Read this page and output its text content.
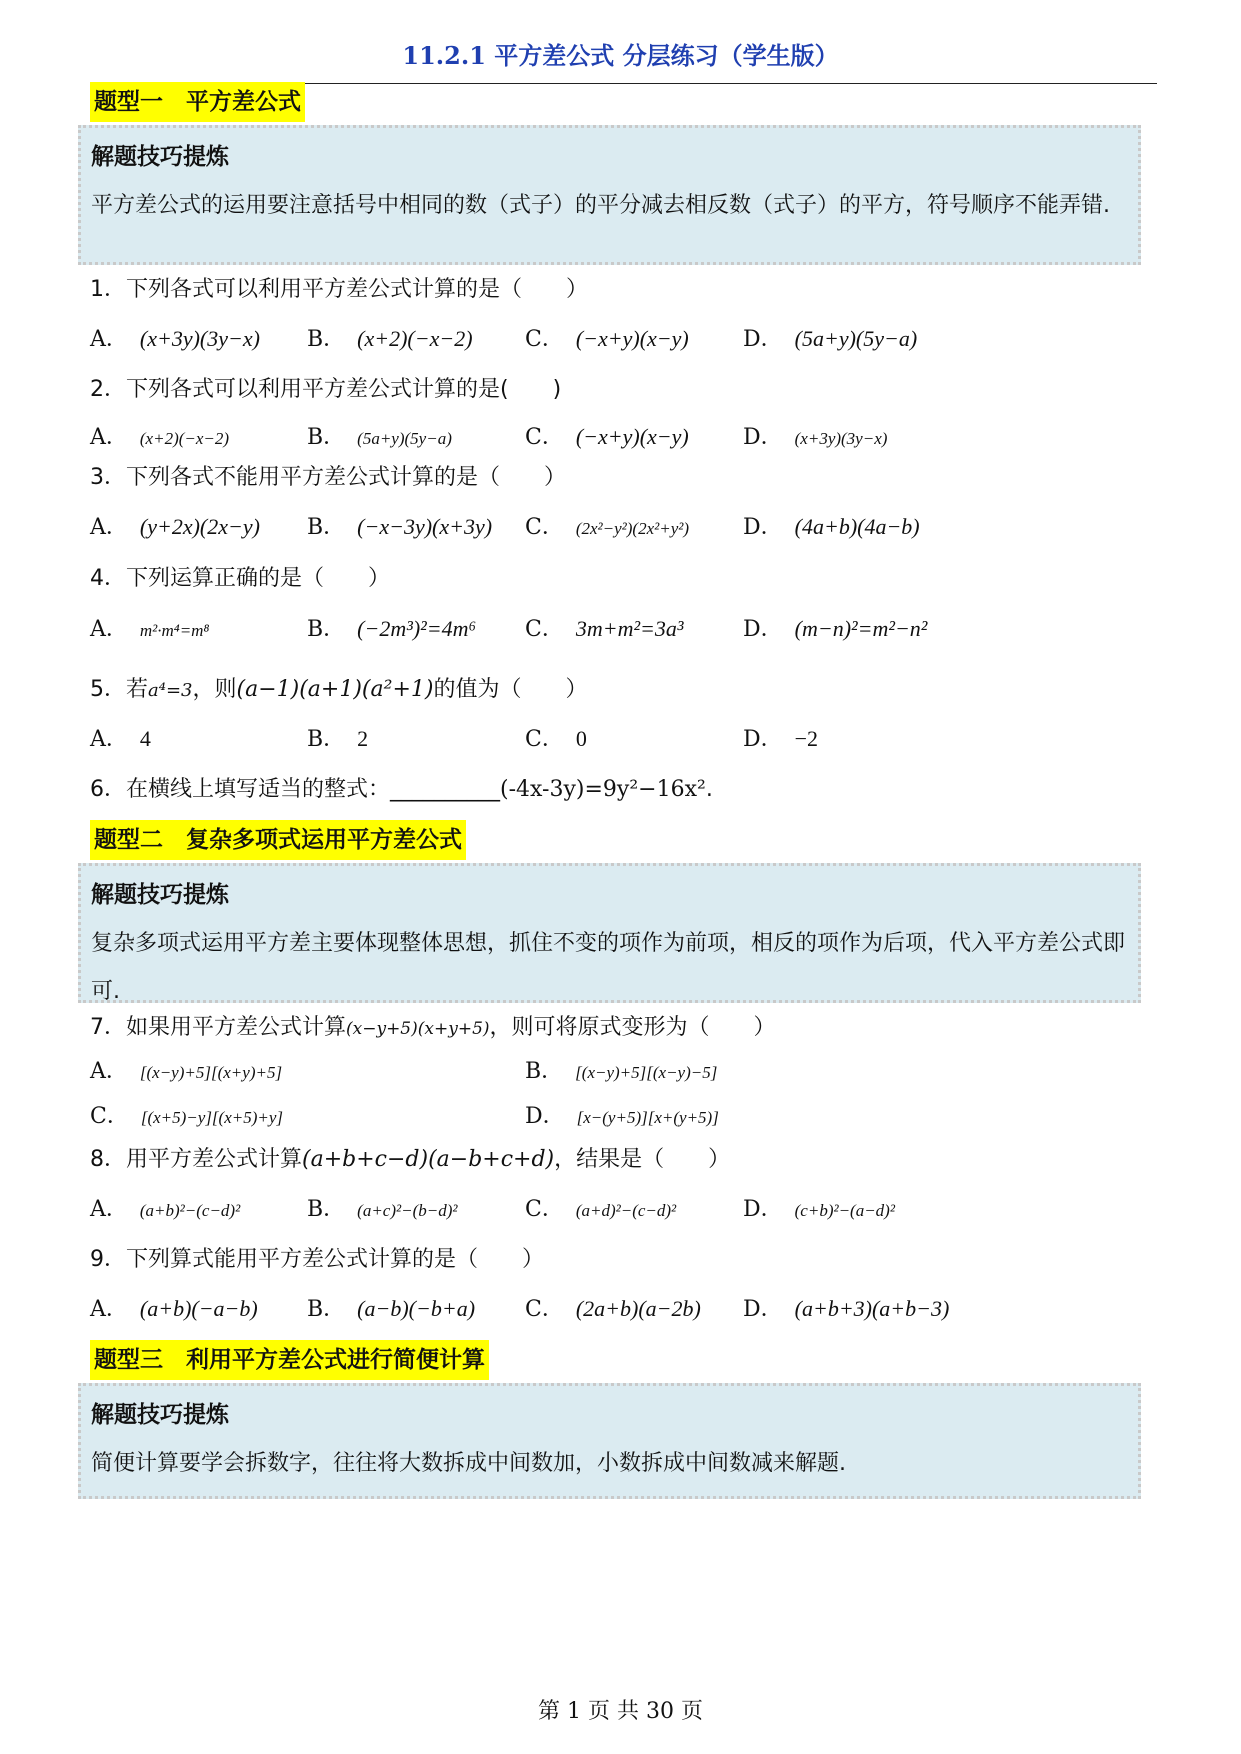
11.2.1 平方差公式 分层练习（学生版）
题型一　平方差公式
解题技巧提炼
平方差公式的运用要注意括号中相同的数（式子）的平分减去相反数（式子）的平方，符号顺序不能弄错.
1．下列各式可以利用平方差公式计算的是（　　）
A． (x+3y)(3y−x) B． (x+2)(−x−2) C． (−x+y)(x−y) D． (5a+y)(5y−a)
2．下列各式可以利用平方差公式计算的是(　　)
A． (x+2)(−x−2)	B． (5a+y)(5y−a)	C． (−x+y)(x−y) D． (x+3y)(3y−x)
3．下列各式不能用平方差公式计算的是（　　）
A． (y+2x)(2x−y) B． (−x−3y)(x+3y) C． (2x²−y²)(2x²+y²) D． (4a+b)(4a−b)
4．下列运算正确的是（　　）
A． m²·m⁴=m⁸	B． (−2m³)²=4m⁶ C． 3m+m²=3a³	D． (m−n)²=m²−n²
5．若a⁴=3，则(a−1)(a+1)(a²+1)的值为（　　）
A． 4	B． 2	C． 0	D． −2
6．在横线上填写适当的整式：__________(-4x-3y)=9y²−16x².
题型二　复杂多项式运用平方差公式
解题技巧提炼
复杂多项式运用平方差主要体现整体思想，抓住不变的项作为前项，相反的项作为后项，代入平方差公式即可.
7．如果用平方差公式计算(x−y+5)(x+y+5)，则可将原式变形为（　　）
A． [(x−y)+5][(x+y)+5]	B． [(x−y)+5][(x−y)−5]
C． [(x+5)−y][(x+5)+y]	D． [x−(y+5)][x+(y+5)]
8．用平方差公式计算(a+b+c−d)(a−b+c+d)，结果是（　　）
A． (a+b)²−(c−d)²	B． (a+c)²−(b−d)²	C． (a+d)²−(c−d)²	D． (c+b)²−(a−d)²
9．下列算式能用平方差公式计算的是（　　）
A． (a+b)(−a−b) B． (a−b)(−b+a) C． (2a+b)(a−2b) D． (a+b+3)(a+b−3)
题型三　利用平方差公式进行简便计算
解题技巧提炼
简便计算要学会拆数字，往往将大数拆成中间数加，小数拆成中间数减来解题.
第 1 页 共 30 页
